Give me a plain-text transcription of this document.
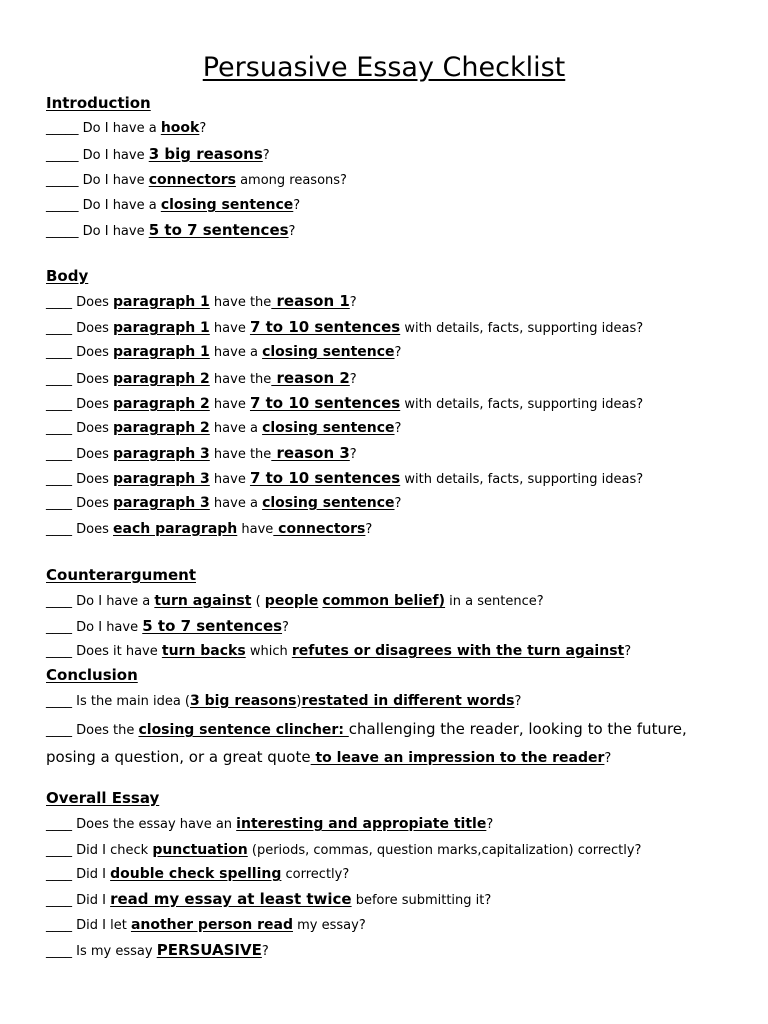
Persuasive Essay Checklist
Introduction
_____ Do I have a hook?
_____ Do I have 3 big reasons?
_____ Do I have connectors among reasons?
_____ Do I have a closing sentence?
_____ Do I have 5 to 7 sentences?
Body
____ Does paragraph 1 have the reason 1?
____ Does paragraph 1 have 7 to 10 sentences with details, facts, supporting ideas?
____ Does paragraph 1 have a closing sentence?
____ Does paragraph 2 have the reason 2?
____ Does paragraph 2 have 7 to 10 sentences with details, facts, supporting ideas?
____ Does paragraph 2 have a closing sentence?
____ Does paragraph 3 have the reason 3?
____ Does paragraph 3 have 7 to 10 sentences with details, facts, supporting ideas?
____ Does paragraph 3 have a closing sentence?
____ Does each paragraph have connectors?
Counterargument
____ Do I have a turn against ( people common belief) in a sentence?
____ Do I have 5 to 7 sentences?
____ Does it have turn backs which refutes or disagrees with the turn against?
Conclusion
____ Is the main idea (3 big reasons)restated in different words?
____ Does the closing sentence clincher: challenging the reader, looking to the future, posing a question, or a great quote to leave an impression to the reader?
Overall Essay
____ Does the essay have an interesting and appropiate title?
____ Did I check punctuation (periods, commas, question marks,capitalization) correctly?
____ Did I double check spelling correctly?
____ Did I read my essay at least twice before submitting it?
____ Did I let another person read my essay?
____ Is my essay PERSUASIVE?
